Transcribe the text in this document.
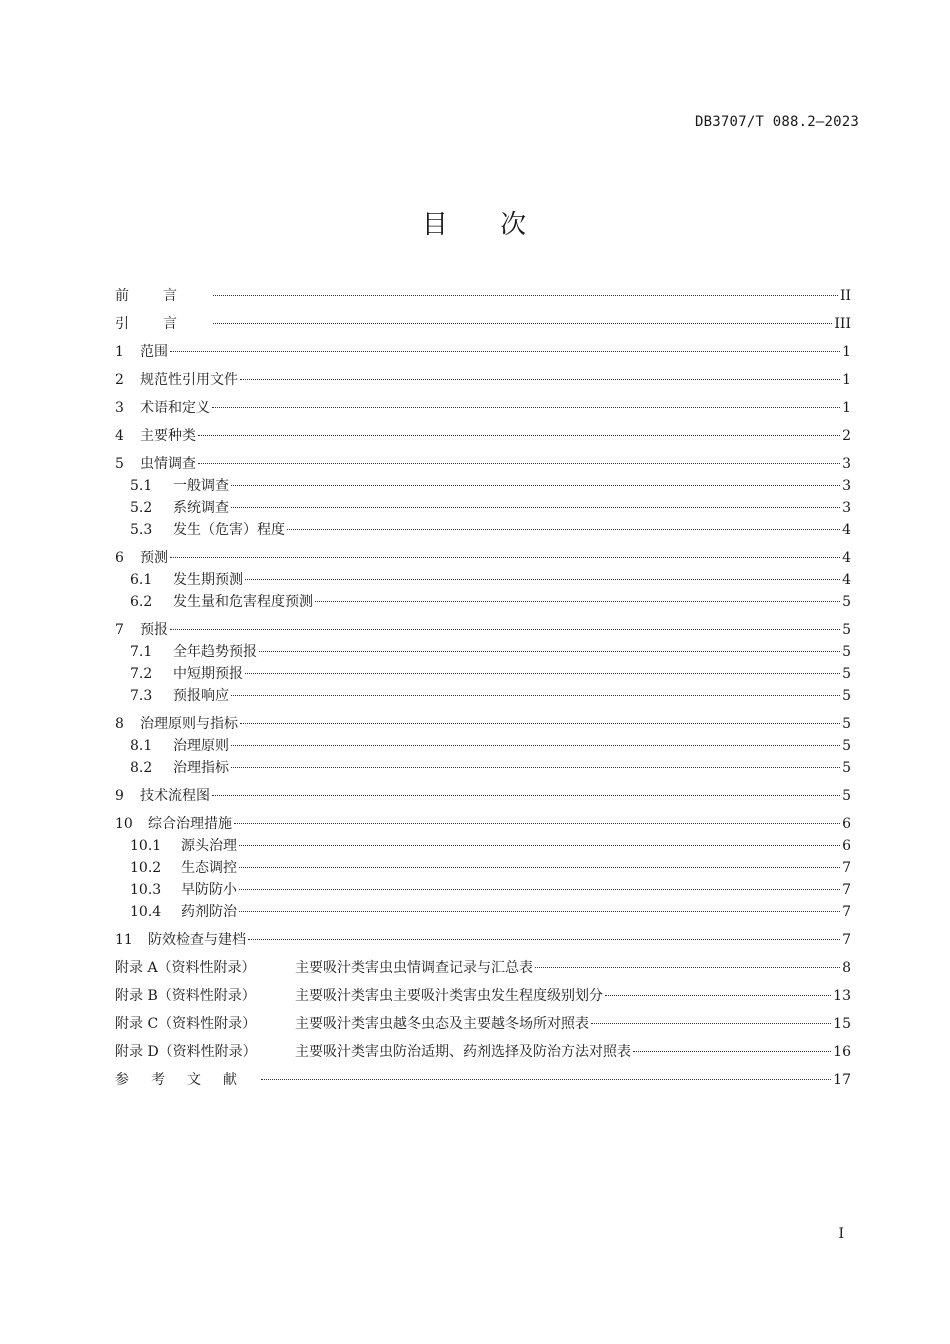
DB3707/T 088.2—2023
目 次
前言	II
引言	III
1	范围	1
2	规范性引用文件	1
3	术语和定义	1
4	主要种类	2
5	虫情调查	3
5.1	一般调查	3
5.2	系统调查	3
5.3	发生（危害）程度	4
6	预测	4
6.1	发生期预测	4
6.2	发生量和危害程度预测	5
7	预报	5
7.1	全年趋势预报	5
7.2	中短期预报	5
7.3	预报响应	5
8	治理原则与指标	5
8.1	治理原则	5
8.2	治理指标	5
9	技术流程图	5
10	综合治理措施	6
10.1	源头治理	6
10.2	生态调控	7
10.3	早防防小	7
10.4	药剂防治	7
11	防效检查与建档	7
附录 A（资料性附录）	主要吸汁类害虫虫情调查记录与汇总表	8
附录 B（资料性附录）	主要吸汁类害虫主要吸汁类害虫发生程度级别划分	13
附录 C（资料性附录）	主要吸汁类害虫越冬虫态及主要越冬场所对照表	15
附录 D（资料性附录）	主要吸汁类害虫防治适期、药剂选择及防治方法对照表	16
参考文献	17
I
